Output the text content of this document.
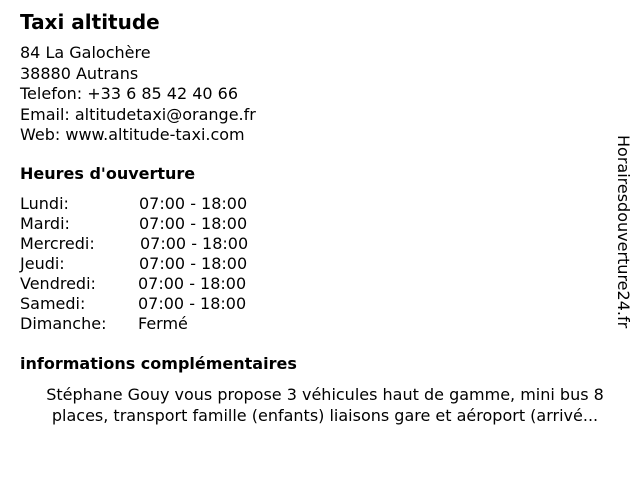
Taxi altitude
84 La Galochère
38880 Autrans
Telefon: +33 6 85 42 40 66
Email: altitudetaxi@orange.fr
Web: www.altitude-taxi.com
Heures d'ouverture
Lundi:	07:00 - 18:00
Mardi:	07:00 - 18:00
Mercredi:	07:00 - 18:00
Jeudi:	07:00 - 18:00
Vendredi:	07:00 - 18:00
Samedi:	07:00 - 18:00
Dimanche: Fermé
informations complémentaires
Stéphane Gouy vous propose 3 véhicules haut de gamme, mini bus 8
places, transport famille (enfants) liaisons gare et aéroport (arrivé...
Horairesdouverture24.fr
